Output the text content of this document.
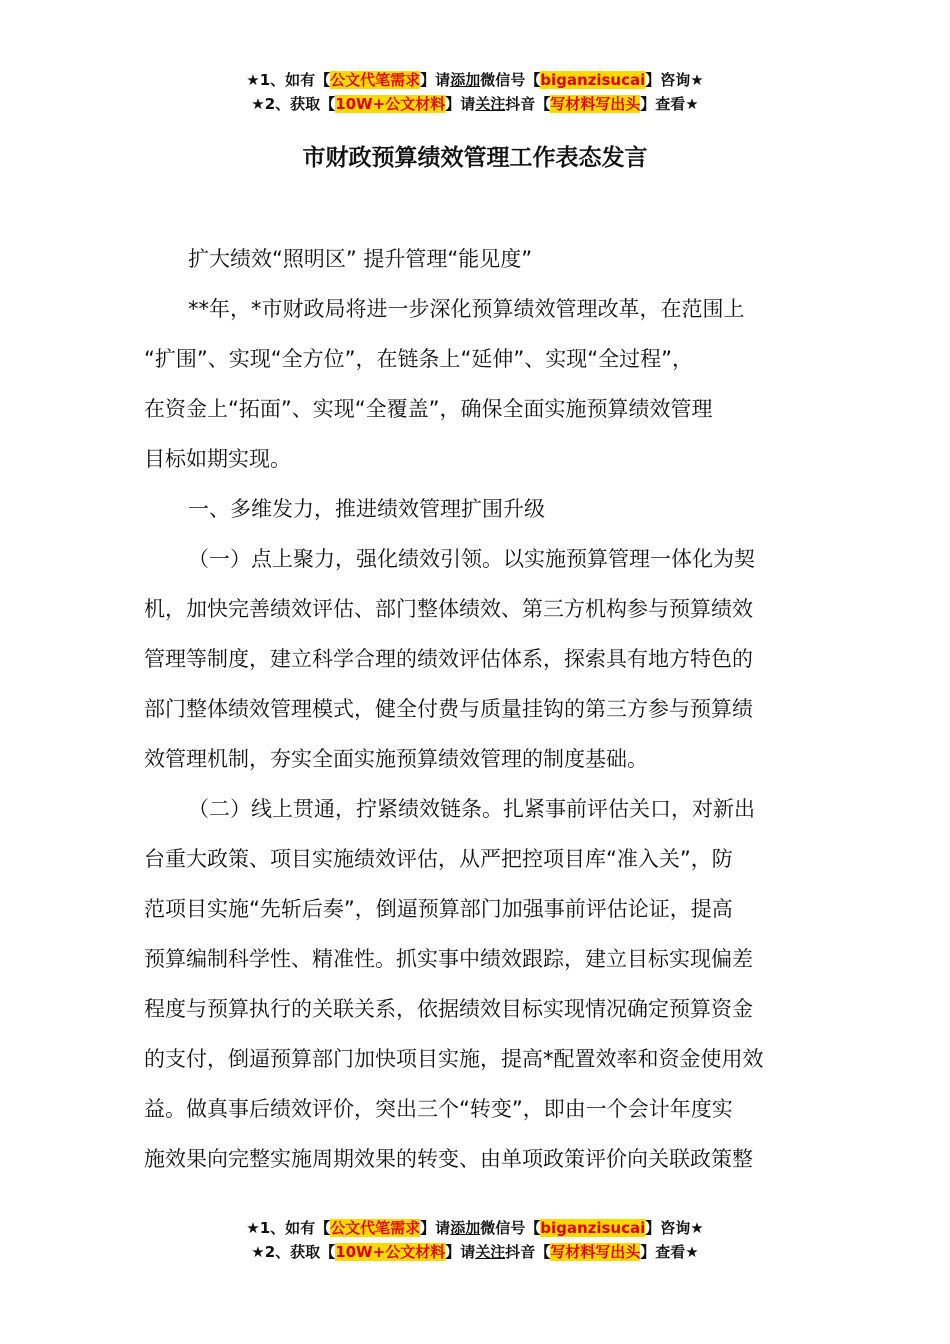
★1、如有【公文代笔需求】请添加微信号【biganzisucai】咨询★
★2、获取【10W+公文材料】请关注抖音【写材料写出头】查看★
市财政预算绩效管理工作表态发言
扩大绩效“照明区” 提升管理“能见度”
**年，*市财政局将进一步深化预算绩效管理改革，在范围上
“扩围”、实现“全方位”，在链条上“延伸”、实现“全过程”，
在资金上“拓面”、实现“全覆盖”，确保全面实施预算绩效管理
目标如期实现。
一、多维发力，推进绩效管理扩围升级
（一）点上聚力，强化绩效引领。以实施预算管理一体化为契
机，加快完善绩效评估、部门整体绩效、第三方机构参与预算绩效
管理等制度，建立科学合理的绩效评估体系，探索具有地方特色的
部门整体绩效管理模式，健全付费与质量挂钩的第三方参与预算绩
效管理机制，夯实全面实施预算绩效管理的制度基础。
（二）线上贯通，拧紧绩效链条。扎紧事前评估关口，对新出
台重大政策、项目实施绩效评估，从严把控项目库“准入关”，防
范项目实施“先斩后奏”，倒逼预算部门加强事前评估论证，提高
预算编制科学性、精准性。抓实事中绩效跟踪，建立目标实现偏差
程度与预算执行的关联关系，依据绩效目标实现情况确定预算资金
的支付，倒逼预算部门加快项目实施，提高*配置效率和资金使用效
益。做真事后绩效评价，突出三个“转变”，即由一个会计年度实
施效果向完整实施周期效果的转变、由单项政策评价向关联政策整
★1、如有【公文代笔需求】请添加微信号【biganzisucai】咨询★
★2、获取【10W+公文材料】请关注抖音【写材料写出头】查看★
